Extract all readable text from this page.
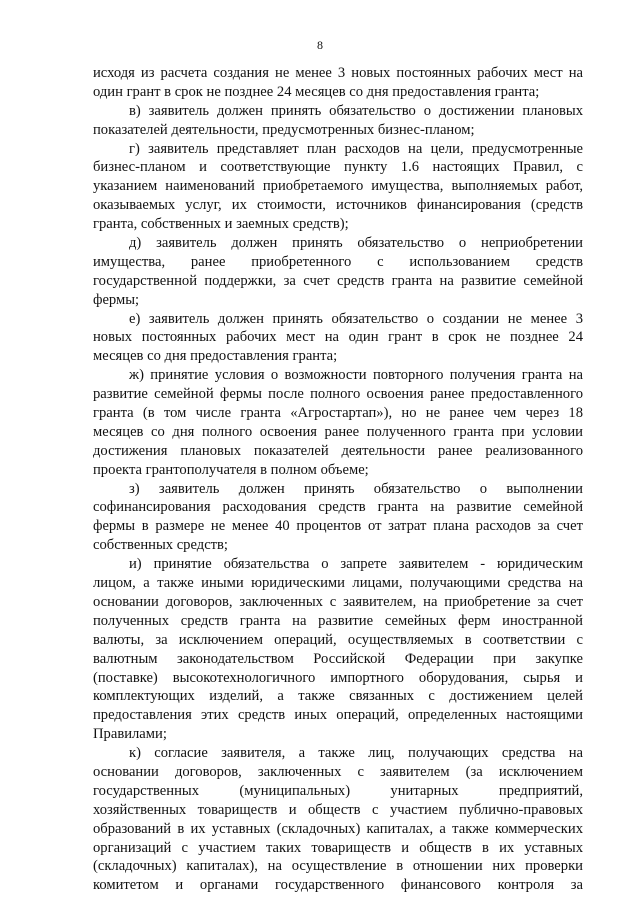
8
исходя из расчета создания не менее 3 новых постоянных рабочих мест на
один грант в срок не позднее 24 месяцев со дня предоставления гранта;
в) заявитель должен принять обязательство о достижении плановых
показателей деятельности, предусмотренных бизнес-планом;
г) заявитель представляет план расходов на цели, предусмотренные
бизнес-планом и соответствующие пункту 1.6 настоящих Правил, с
указанием наименований приобретаемого имущества, выполняемых работ,
оказываемых услуг, их стоимости, источников финансирования (средств
гранта, собственных и заемных средств);
д) заявитель должен принять обязательство о неприобретении
имущества, ранее приобретенного с использованием средств
государственной поддержки, за счет средств гранта на развитие семейной
фермы;
е) заявитель должен принять обязательство о создании не менее 3
новых постоянных рабочих мест на один грант в срок не позднее 24
месяцев со дня предоставления гранта;
ж) принятие условия о возможности повторного получения гранта на
развитие семейной фермы после полного освоения ранее предоставленного
гранта (в том числе гранта «Агростартап»), но не ранее чем через 18
месяцев со дня полного освоения ранее полученного гранта при условии
достижения плановых показателей деятельности ранее реализованного
проекта грантополучателя в полном объеме;
з) заявитель должен принять обязательство о выполнении
софинансирования расходования средств гранта на развитие семейной
фермы в размере не менее 40 процентов от затрат плана расходов за счет
собственных средств;
и) принятие обязательства о запрете заявителем - юридическим
лицом, а также иными юридическими лицами, получающими средства на
основании договоров, заключенных с заявителем, на приобретение за счет
полученных средств гранта на развитие семейных ферм иностранной
валюты, за исключением операций, осуществляемых в соответствии с
валютным законодательством Российской Федерации при закупке
(поставке) высокотехнологичного импортного оборудования, сырья и
комплектующих изделий, а также связанных с достижением целей
предоставления этих средств иных операций, определенных настоящими
Правилами;
к) согласие заявителя, а также лиц, получающих средства на
основании договоров, заключенных с заявителем (за исключением
государственных (муниципальных) унитарных предприятий,
хозяйственных товариществ и обществ с участием публично-правовых
образований в их уставных (складочных) капиталах, а также коммерческих
организаций с участием таких товариществ и обществ в их уставных
(складочных) капиталах), на осуществление в отношении них проверки
комитетом и органами государственного финансового контроля за
